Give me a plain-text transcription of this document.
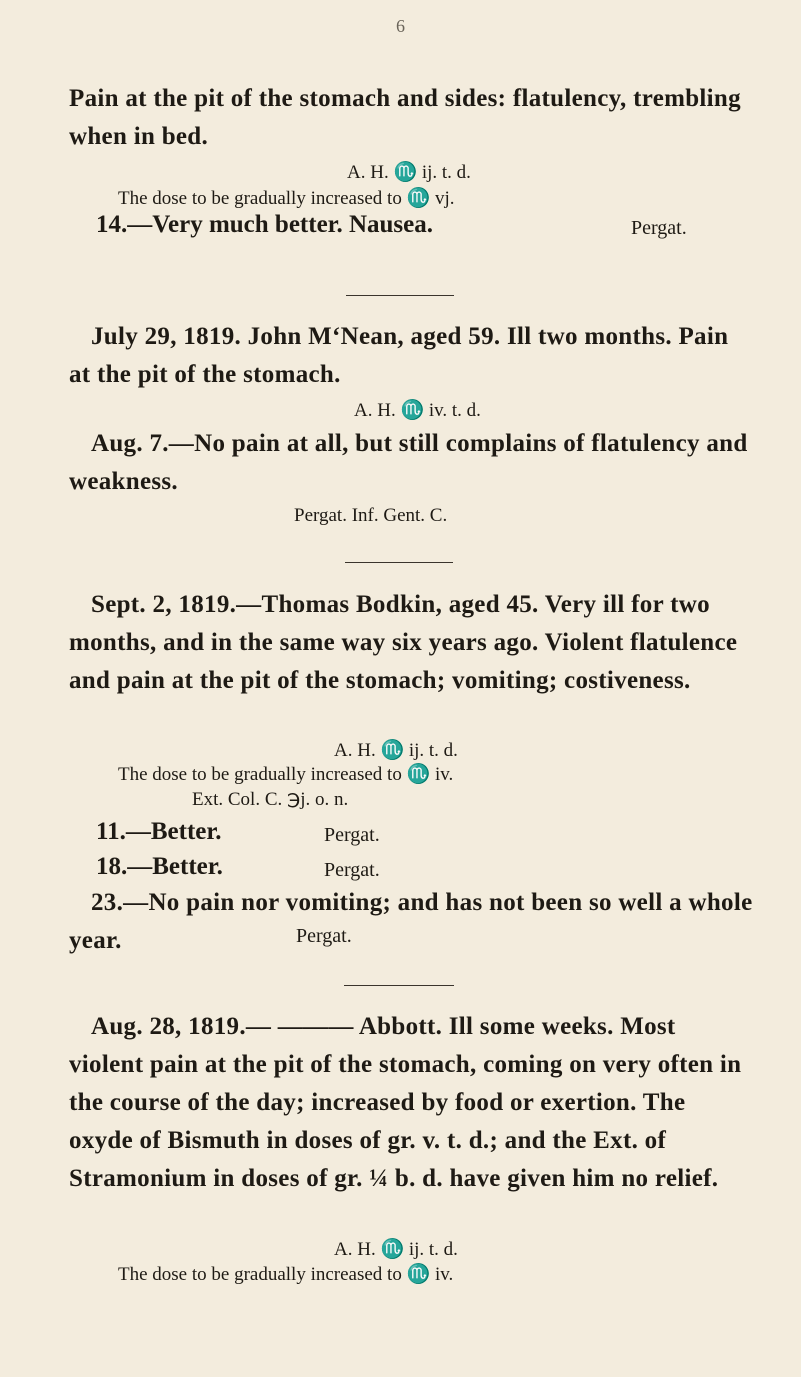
6
Pain at the pit of the stomach and sides: flatulency, trembling when in bed.
A. H. ♏ ij. t. d.
The dose to be gradually increased to ♏ vj.
14.—Very much better. Nausea.	Pergat.
July 29, 1819. John M‘Nean, aged 59. Ill two months. Pain at the pit of the stomach.
A. H. ♏ iv. t. d.
Aug. 7.—No pain at all, but still complains of flatulency and weakness.
Pergat. Inf. Gent. C.
Sept. 2, 1819.—Thomas Bodkin, aged 45. Very ill for two months, and in the same way six years ago. Violent flatulence and pain at the pit of the stomach; vomiting; costiveness.
A. H. ♏ ij. t. d.
The dose to be gradually increased to ♏ iv.
Ext. Col. C. ℈j. o. n.
11.—Better.	Pergat.
18.—Better.	Pergat.
23.—No pain nor vomiting; and has not been so well a whole year.	Pergat.
Aug. 28, 1819.— ——— Abbott. Ill some weeks. Most violent pain at the pit of the stomach, coming on very often in the course of the day; increased by food or exertion. The oxyde of Bismuth in doses of gr. v. t. d.; and the Ext. of Stramonium in doses of gr. ¼ b. d. have given him no relief.
A. H. ♏ ij. t. d.
The dose to be gradually increased to ♏ iv.
